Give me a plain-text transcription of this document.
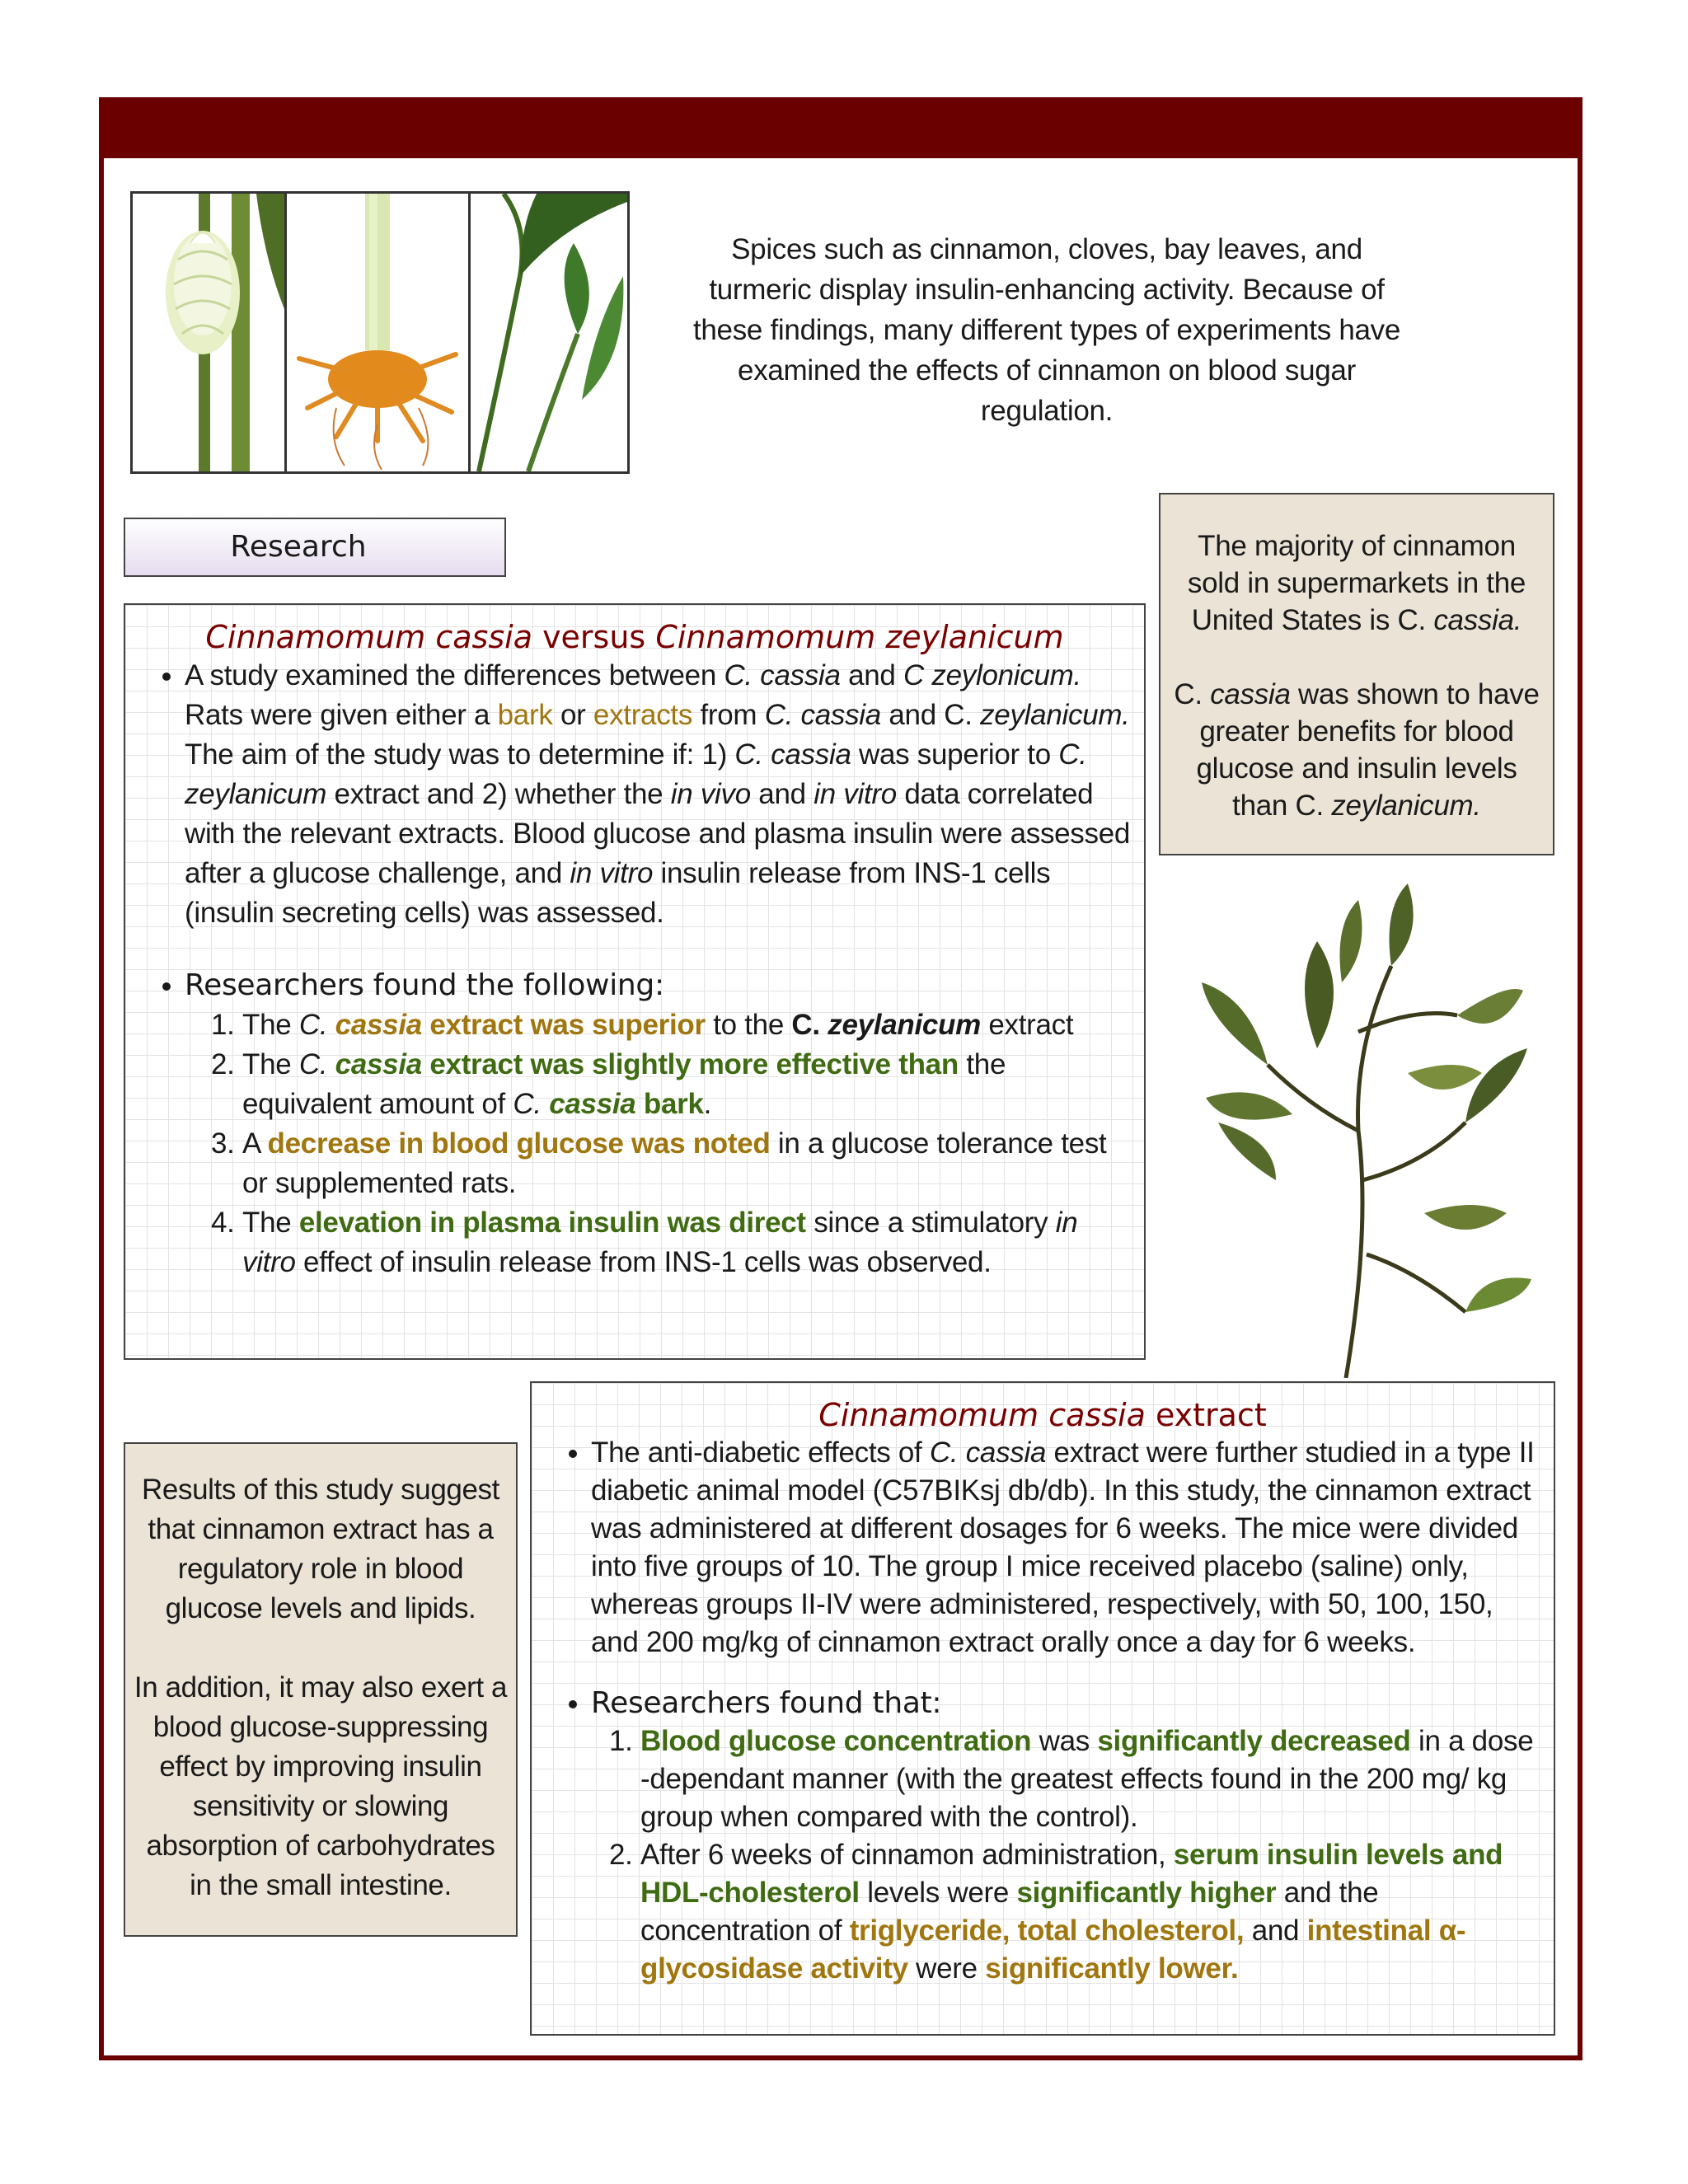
Spices such as cinnamon, cloves, bay leaves, and turmeric display insulin-enhancing activity. Because of these findings, many different types of experiments have examined the effects of cinnamon on blood sugar regulation.
Research	The majority of cinnamon sold in supermarkets in the United States is C. cassia.
C. cassia was shown to have greater benefits for blood glucose and insulin levels than C. zeylanicum.
Cinnamomum cassia versus Cinnamomum zeylanicum
• A study examined the differences between C. cassia and C zeylonicum. Rats were given either a bark or extracts from C. cassia and C. zeylanicum. The aim of the study was to determine if: 1) C. cassia was superior to C. zeylanicum extract and 2) whether the in vivo and in vitro data correlated with the relevant extracts. Blood glucose and plasma insulin were assessed after a glucose challenge, and in vitro insulin release from INS-1 cells (insulin secreting cells) was assessed.
• Researchers found the following:
1. The C. cassia extract was superior to the C. zeylanicum extract
2. The C. cassia extract was slightly more effective than the equivalent amount of C. cassia bark.
3. A decrease in blood glucose was noted in a glucose tolerance test or supplemented rats.
4. The elevation in plasma insulin was direct since a stimulatory in vitro effect of insulin release from INS-1 cells was observed.
Results of this study suggest that cinnamon extract has a regulatory role in blood glucose levels and lipids.
In addition, it may also exert a blood glucose-suppressing effect by improving insulin sensitivity or slowing absorption of carbohydrates in the small intestine.
Cinnamomum cassia extract
• The anti-diabetic effects of C. cassia extract were further studied in a type II diabetic animal model (C57BIKsj db/db). In this study, the cinnamon extract was administered at different dosages for 6 weeks. The mice were divided into five groups of 10. The group I mice received placebo (saline) only, whereas groups II-IV were administered, respectively, with 50, 100, 150, and 200 mg/kg of cinnamon extract orally once a day for 6 weeks.
• Researchers found that:
1. Blood glucose concentration was significantly decreased in a dose -dependant manner (with the greatest effects found in the 200 mg/ kg group when compared with the control).
2. After 6 weeks of cinnamon administration, serum insulin levels and HDL-cholesterol levels were significantly higher and the concentration of triglyceride, total cholesterol, and intestinal α-glycosidase activity were significantly lower.
